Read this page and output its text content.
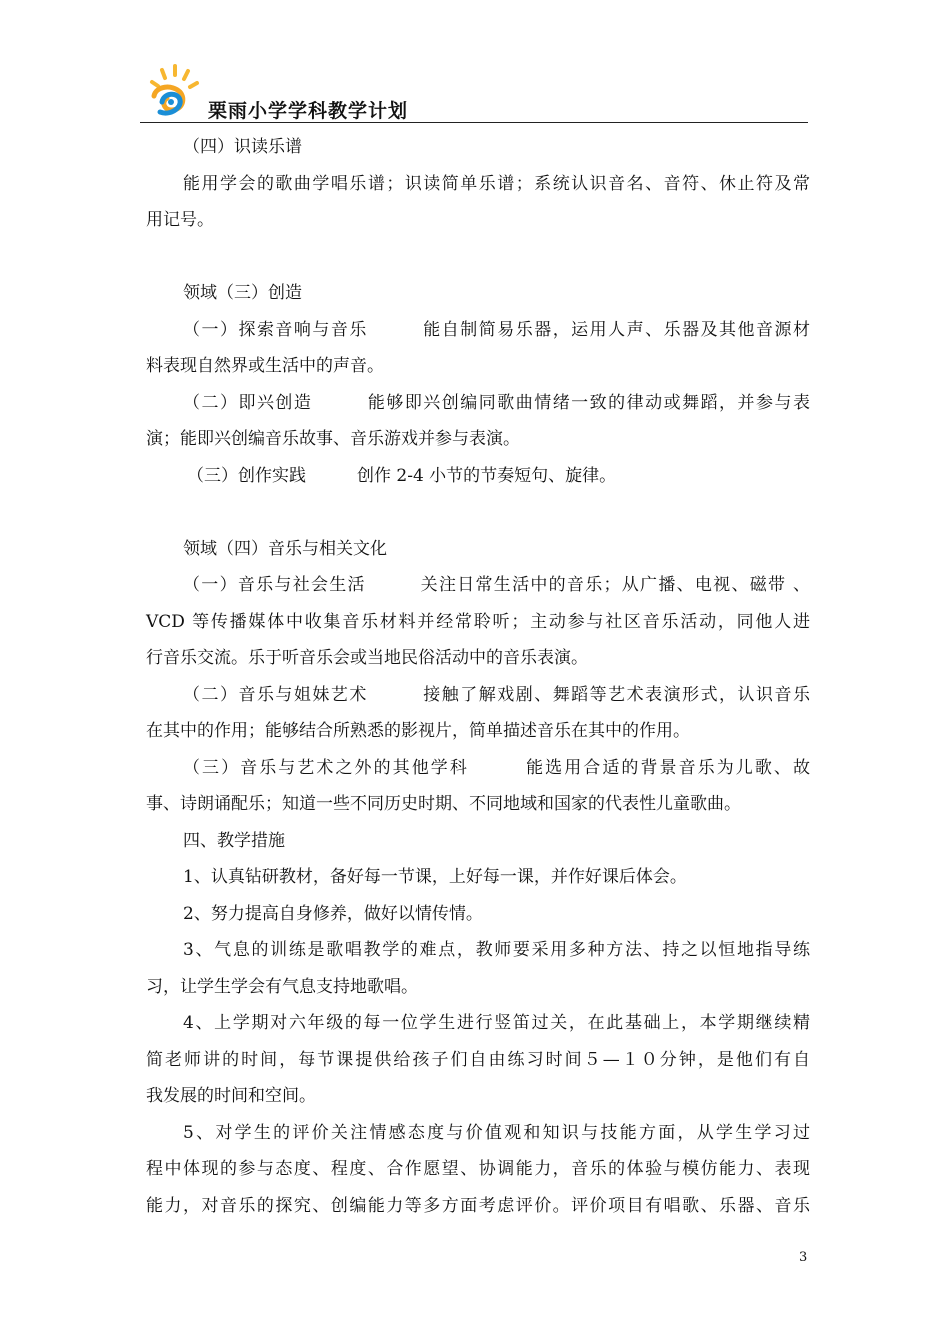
栗雨小学学科教学计划
（四）识读乐谱
能用学会的歌曲学唱乐谱；识读简单乐谱；系统认识音名、音符、休止符及常
用记号。
领域（三）创造
（一）探索音响与音乐　　　能自制简易乐器，运用人声、乐器及其他音源材
料表现自然界或生活中的声音。
（二）即兴创造　　　能够即兴创编同歌曲情绪一致的律动或舞蹈，并参与表
演；能即兴创编音乐故事、音乐游戏并参与表演。
（三）创作实践　　　创作 2-4 小节的节奏短句、旋律。
领域（四）音乐与相关文化
（一）音乐与社会生活　　　关注日常生活中的音乐；从广播、电视、磁带 、
VCD 等传播媒体中收集音乐材料并经常聆听；主动参与社区音乐活动，同他人进
行音乐交流。乐于听音乐会或当地民俗活动中的音乐表演。
（二）音乐与姐妹艺术　　　接触了解戏剧、舞蹈等艺术表演形式，认识音乐
在其中的作用；能够结合所熟悉的影视片，简单描述音乐在其中的作用。
（三）音乐与艺术之外的其他学科　　　能选用合适的背景音乐为儿歌、故
事、诗朗诵配乐；知道一些不同历史时期、不同地域和国家的代表性儿童歌曲。
四、教学措施
1、认真钻研教材，备好每一节课，上好每一课，并作好课后体会。
2、努力提高自身修养，做好以情传情。
3、气息的训练是歌唱教学的难点，教师要采用多种方法、持之以恒地指导练
习，让学生学会有气息支持地歌唱。
4、上学期对六年级的每一位学生进行竖笛过关，在此基础上，本学期继续精
简老师讲的时间，每节课提供给孩子们自由练习时间５—１０分钟，是他们有自
我发展的时间和空间。
5、对学生的评价关注情感态度与价值观和知识与技能方面，从学生学习过
程中体现的参与态度、程度、合作愿望、协调能力，音乐的体验与模仿能力、表现
能力，对音乐的探究、创编能力等多方面考虑评价。评价项目有唱歌、乐器、音乐
3
